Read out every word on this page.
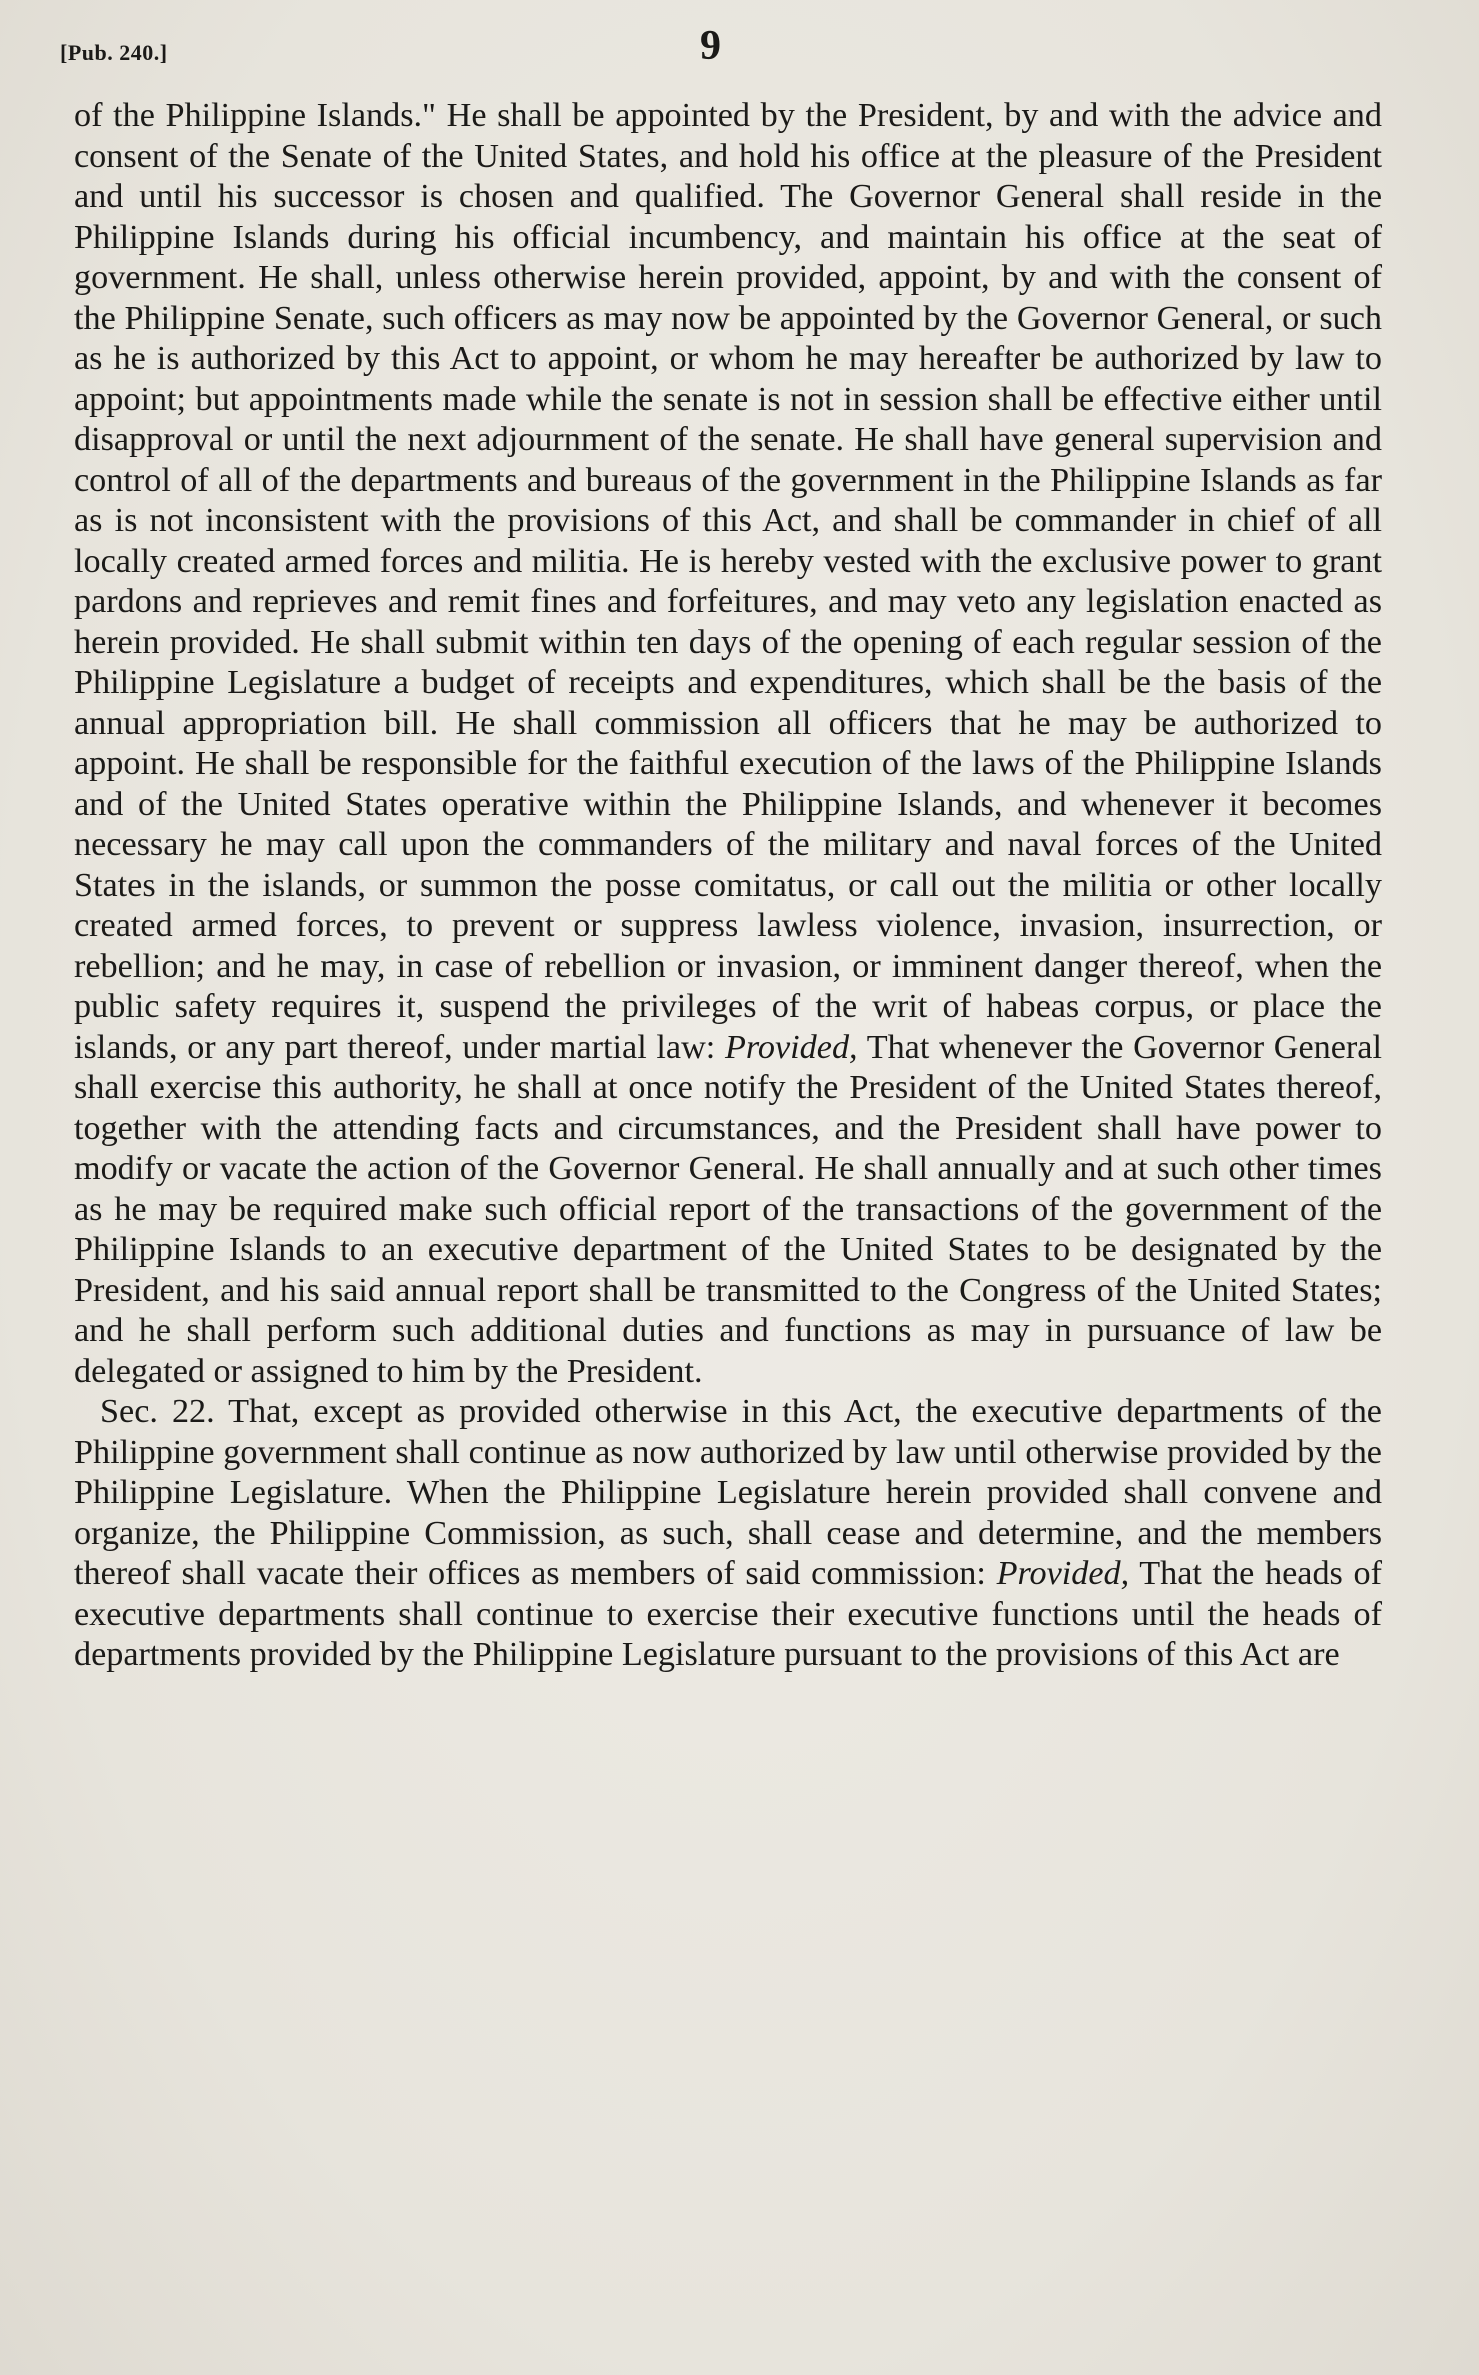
[Pub. 240.]	9

of the Philippine Islands." He shall be appointed by the President, by and with the advice and consent of the Senate of the United States, and hold his office at the pleasure of the President and until his successor is chosen and qualified. The Governor General shall reside in the Philippine Islands during his official incumbency, and maintain his office at the seat of government. He shall, unless otherwise herein provided, appoint, by and with the consent of the Philippine Senate, such officers as may now be appointed by the Governor General, or such as he is authorized by this Act to appoint, or whom he may hereafter be authorized by law to appoint; but appointments made while the senate is not in session shall be effective either until disapproval or until the next adjournment of the senate. He shall have general supervision and control of all of the departments and bureaus of the government in the Philippine Islands as far as is not inconsistent with the provisions of this Act, and shall be commander in chief of all locally created armed forces and militia. He is hereby vested with the exclusive power to grant pardons and reprieves and remit fines and forfeitures, and may veto any legislation enacted as herein provided. He shall submit within ten days of the opening of each regular session of the Philippine Legislature a budget of receipts and expenditures, which shall be the basis of the annual appropriation bill. He shall commission all officers that he may be authorized to appoint. He shall be responsible for the faithful execution of the laws of the Philippine Islands and of the United States operative within the Philippine Islands, and whenever it becomes necessary he may call upon the commanders of the military and naval forces of the United States in the islands, or summon the posse comitatus, or call out the militia or other locally created armed forces, to prevent or suppress lawless violence, invasion, insurrection, or rebellion; and he may, in case of rebellion or invasion, or imminent danger thereof, when the public safety requires it, suspend the privileges of the writ of habeas corpus, or place the islands, or any part thereof, under martial law: Provided, That whenever the Governor General shall exercise this authority, he shall at once notify the President of the United States thereof, together with the attending facts and circumstances, and the President shall have power to modify or vacate the action of the Governor General. He shall annually and at such other times as he may be required make such official report of the transactions of the government of the Philippine Islands to an executive department of the United States to be designated by the President, and his said annual report shall be transmitted to the Congress of the United States; and he shall perform such additional duties and functions as may in pursuance of law be delegated or assigned to him by the President.

Sec. 22. That, except as provided otherwise in this Act, the executive departments of the Philippine government shall continue as now authorized by law until otherwise provided by the Philippine Legislature. When the Philippine Legislature herein provided shall convene and organize, the Philippine Commission, as such, shall cease and determine, and the members thereof shall vacate their offices as members of said commission: Provided, That the heads of executive departments shall continue to exercise their executive functions until the heads of departments provided by the Philippine Legislature pursuant to the provisions of this Act are
